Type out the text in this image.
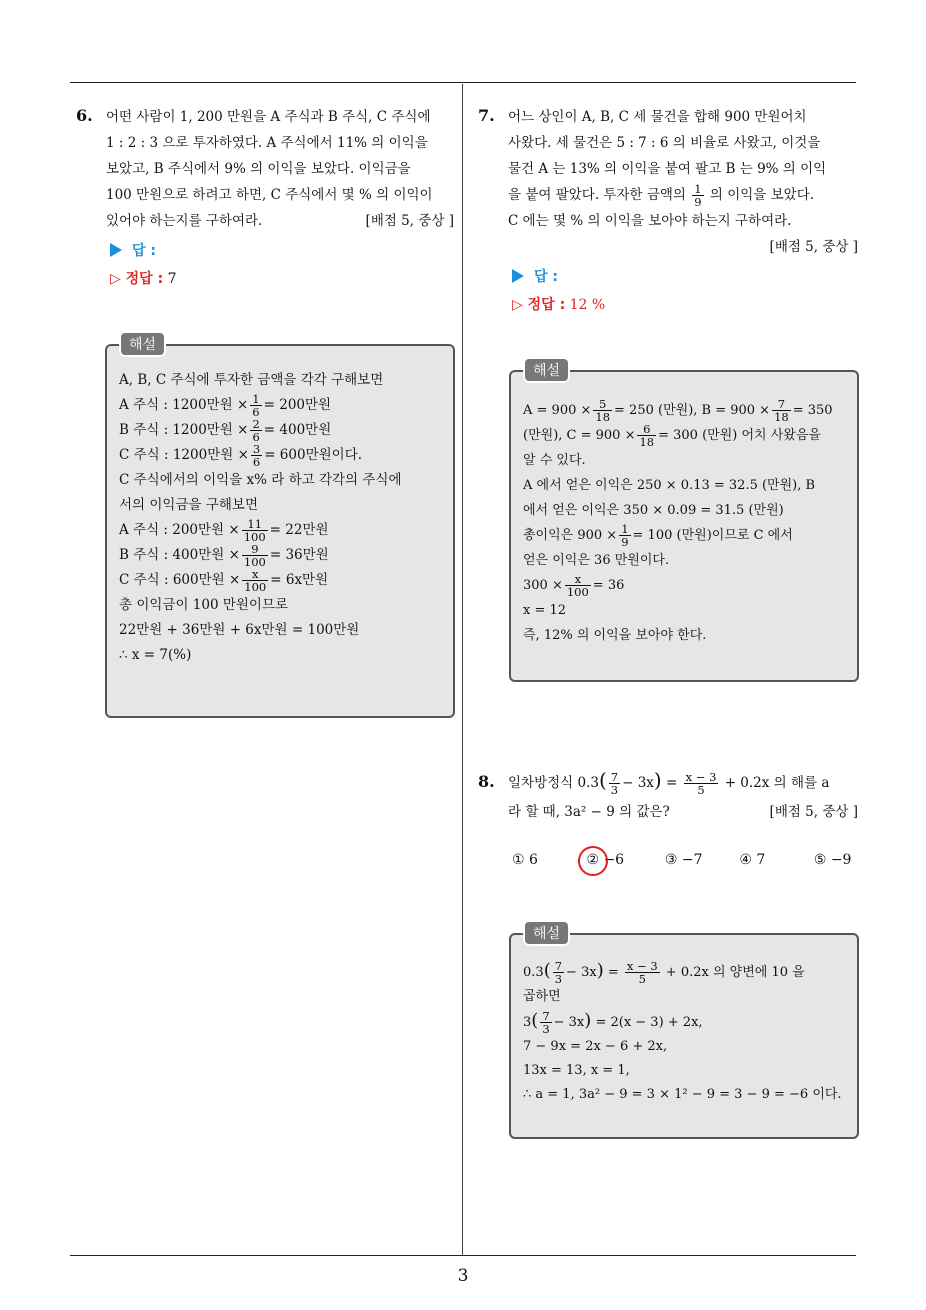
3
6. 어떤 사람이 1, 200 만원을 A 주식과 B 주식, C 주식에
1 : 2 : 3 으로 투자하였다. A 주식에서 11% 의 이익을
보았고, B 주식에서 9% 의 이익을 보았다. 이익금을
100 만원으로 하려고 하면, C 주식에서 몇 % 의 이익이
있어야 하는지를 구하여라.	[배점 5, 중상 ]
답 :
▷ 정답 : 7
해설
A, B, C 주식에 투자한 금액을 각각 구해보면
A 주식 : 1200만원 × $\frac{1}{6} = 200$만원
B 주식 : 1200만원 × $\frac{2}{6} = 400$만원
C 주식 : 1200만원 × $\frac{3}{6} = 600$만원이다.
C 주식에서의 이익을 x% 라 하고 각각의 주식에
서의 이익금을 구해보면
A 주식 : 200만원 × $\frac{11}{100} = 22$만원
B 주식 : 400만원 × $\frac{9}{100} = 36$만원
C 주식 : 600만원 × $\frac{x}{100} = 6x$만원
총 이익금이 100 만원이므로
22만원 + 36만원 + 6x만원 = 100만원
∴ x = 7(%)
7. 어느 상인이 A, B, C 세 물건을 합해 900 만원어치
사왔다. 세 물건은 5 : 7 : 6 의 비율로 사왔고, 이것을
물건 A 는 13% 의 이익을 붙여 팔고 B 는 9% 의 이익
을 붙여 팔았다. 투자한 금액의 $\frac{1}{9}$ 의 이익을 보았다.
C 에는 몇 % 의 이익을 보아야 하는지 구하여라.
[배점 5, 중상 ]
답 :
▷ 정답 : 12 %
해설
$A = 900 \times \frac{5}{18} = 250$ (만원), $B = 900 \times \frac{7}{18} = 350$
(만원), $C = 900 \times \frac{6}{18} = 300$ (만원) 어치 사왔음을
알 수 있다.
A 에서 얻은 이익은 250 × 0.13 = 32.5 (만원), B
에서 얻은 이익은 350 × 0.09 = 31.5 (만원)
총이익은 $900 \times \frac{1}{9} = 100$ (만원)이므로 C 에서
얻은 이익은 36 만원이다.
$300 \times \frac{x}{100} = 36$
x = 12
즉, 12% 의 이익을 보아야 한다.
8. 일차방정식 $0.3( \frac{7}{3} - 3x) = \frac{x - 3}{5} + 0.2x$ 의 해를 a
라 할 때, 3a² − 9 의 값은?	[배점 5, 중상 ]
① 6	② −6	③ −7	④ 7	⑤ −9
해설
$0.3( \frac{7}{3} - 3x) = \frac{x - 3}{5} + 0.2x$ 의 양변에 10 을
곱하면
$3( \frac{7}{3} - 3x) = 2(x - 3) + 2x$,
7 − 9x = 2x − 6 + 2x,
13x = 13, x = 1,
∴ a = 1, 3a² − 9 = 3 × 1² − 9 = 3 − 9 = −6 이다.
